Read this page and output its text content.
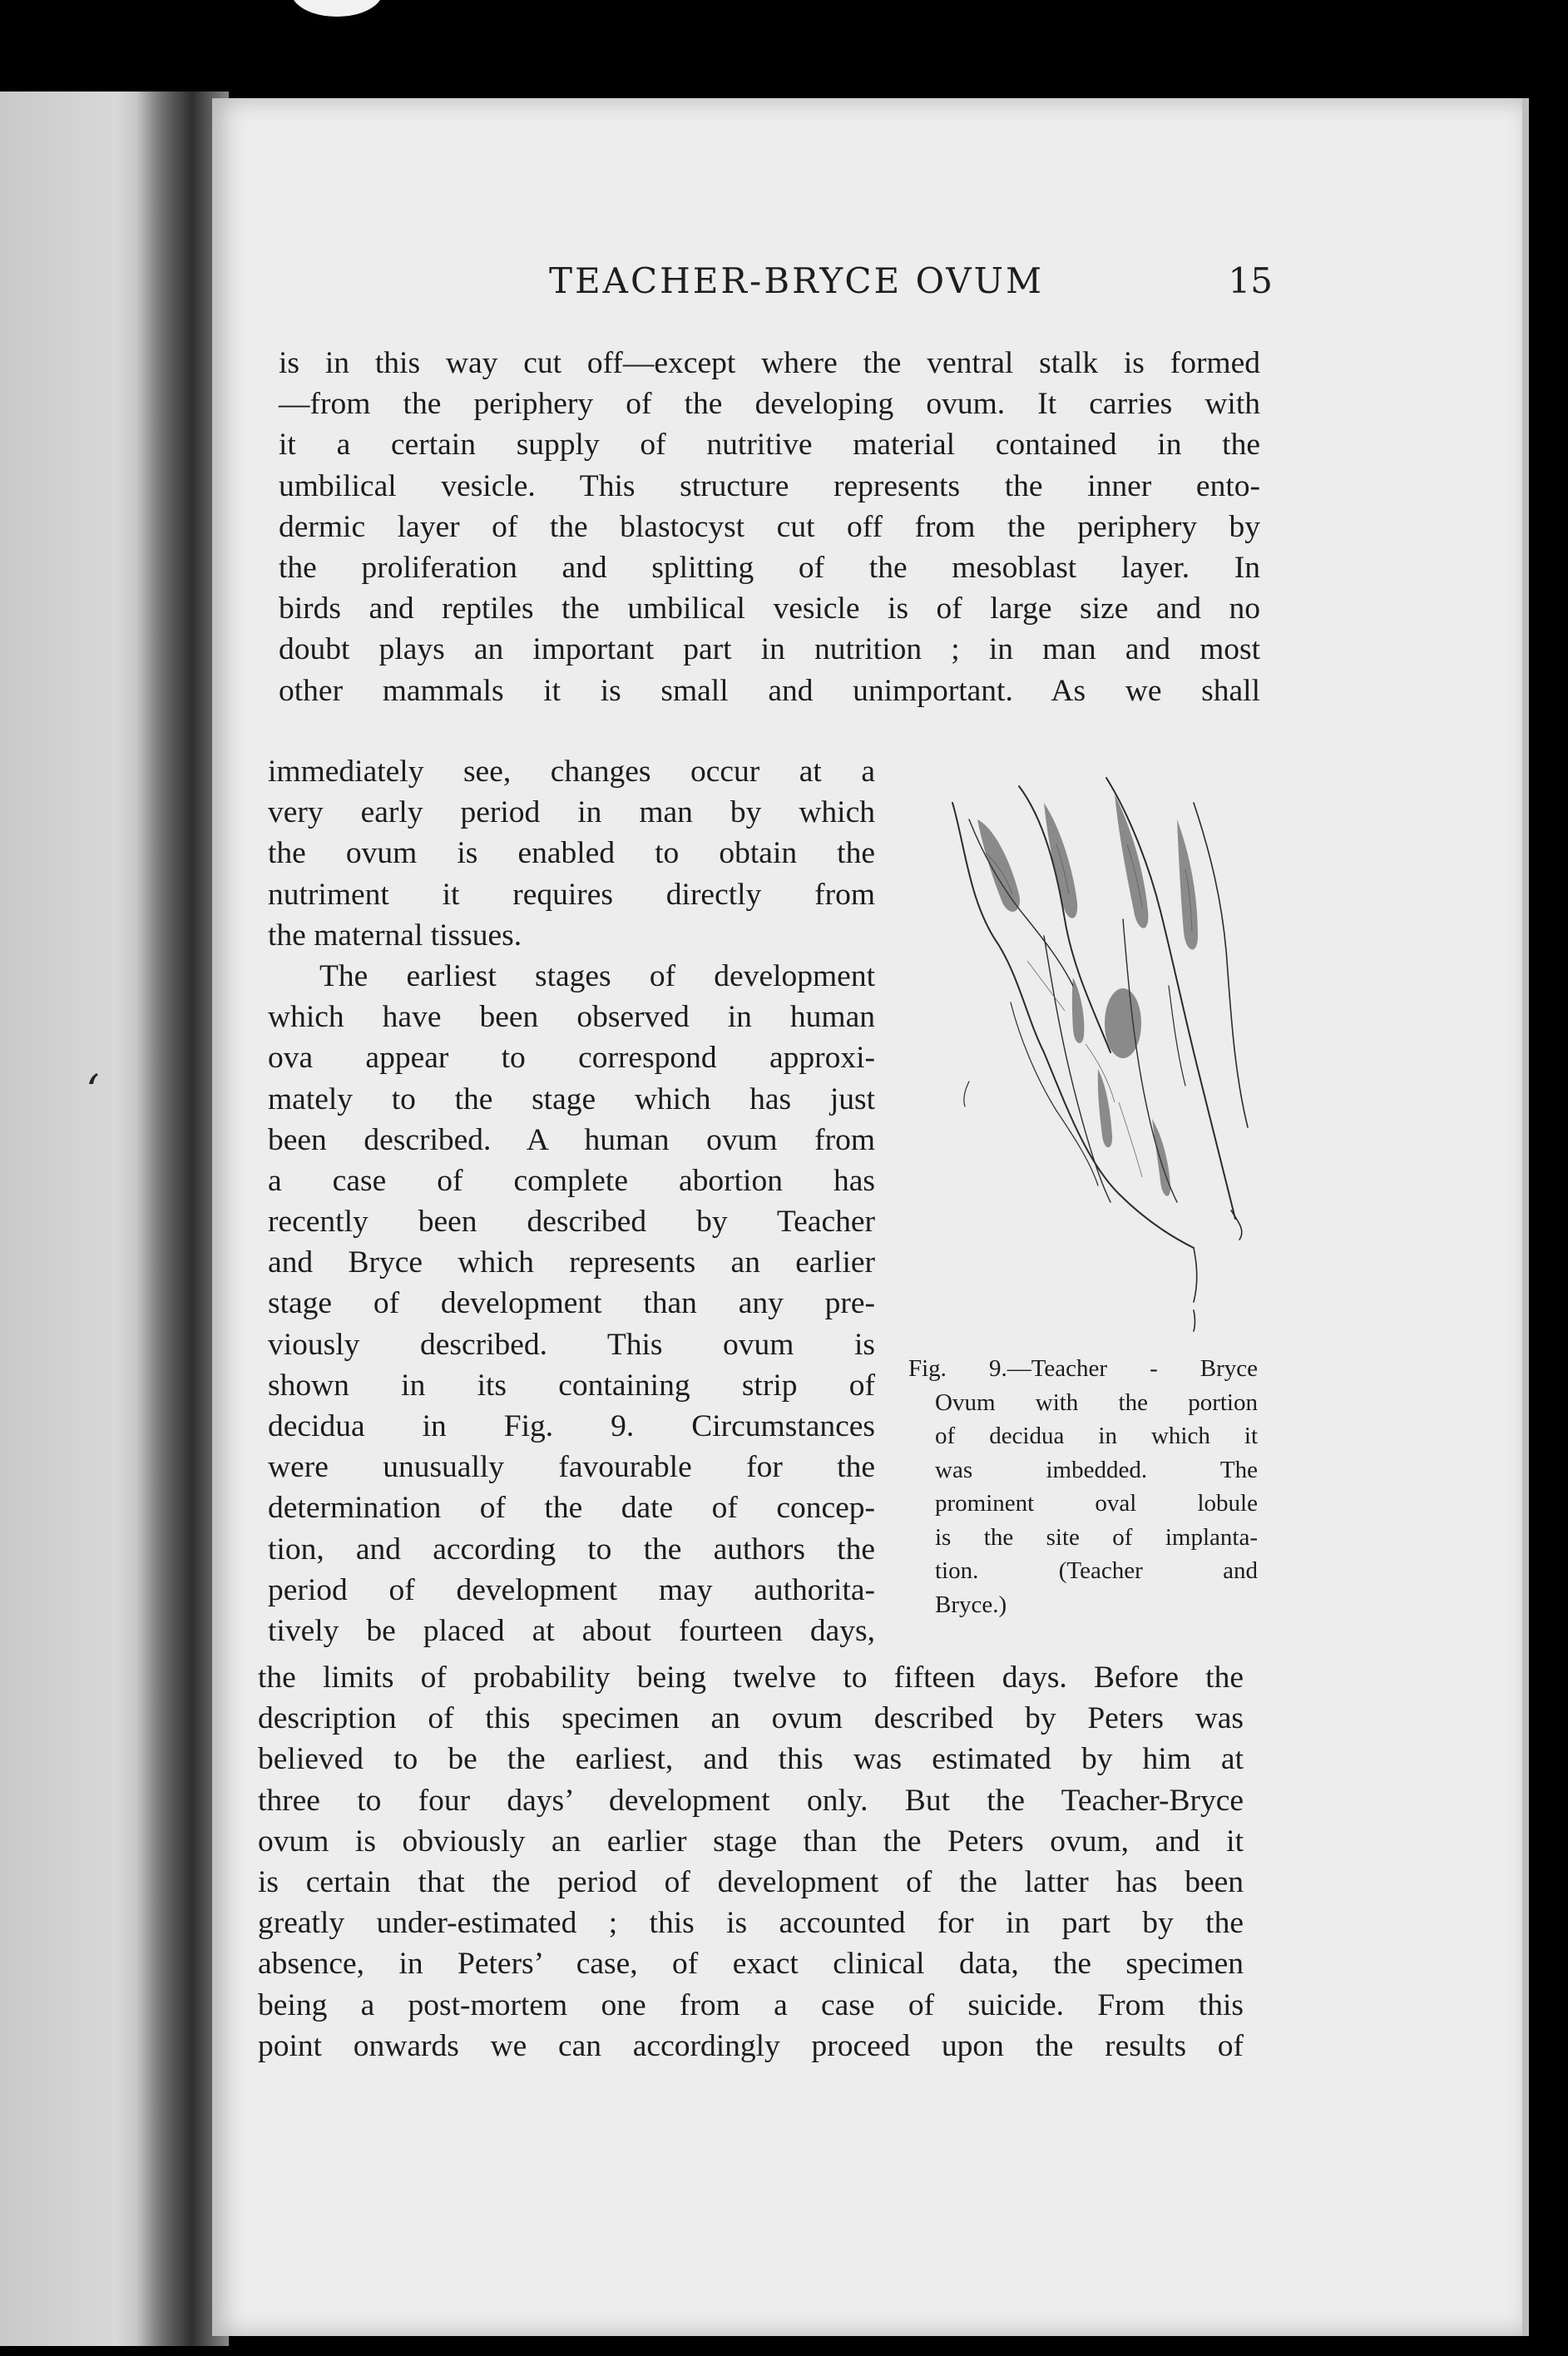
‘
TEACHER-BRYCE OVUM	15
is in this way cut off—except where the ventral stalk is formed
—from the periphery of the developing ovum. It carries with
it a certain supply of nutritive material contained in the
umbilical vesicle. This structure represents the inner ento-
dermic layer of the blastocyst cut off from the periphery by
the proliferation and splitting of the mesoblast layer. In
birds and reptiles the umbilical vesicle is of large size and no
doubt plays an important part in nutrition ; in man and most
other mammals it is small and unimportant. As we shall
immediately see, changes occur at a
very early period in man by which
the ovum is enabled to obtain the
nutriment it requires directly from
the maternal tissues.
The earliest stages of development
which have been observed in human
ova appear to correspond approxi-
mately to the stage which has just
been described. A human ovum from
a case of complete abortion has
recently been described by Teacher
and Bryce which represents an earlier
stage of development than any pre-
viously described. This ovum is
shown in its containing strip of
decidua in Fig. 9. Circumstances
were unusually favourable for the
determination of the date of concep-
tion, and according to the authors the
period of development may authorita-
tively be placed at about fourteen days,
Fig. 9.—Teacher - Bryce
Ovum with the portion
of decidua in which it
was imbedded. The
prominent oval lobule
is the site of implanta-
tion. (Teacher and
Bryce.)
the limits of probability being twelve to fifteen days. Before the
description of this specimen an ovum described by Peters was
believed to be the earliest, and this was estimated by him at
three to four days’ development only. But the Teacher-Bryce
ovum is obviously an earlier stage than the Peters ovum, and it
is certain that the period of development of the latter has been
greatly under-estimated ; this is accounted for in part by the
absence, in Peters’ case, of exact clinical data, the specimen
being a post-mortem one from a case of suicide. From this
point onwards we can accordingly proceed upon the results of
